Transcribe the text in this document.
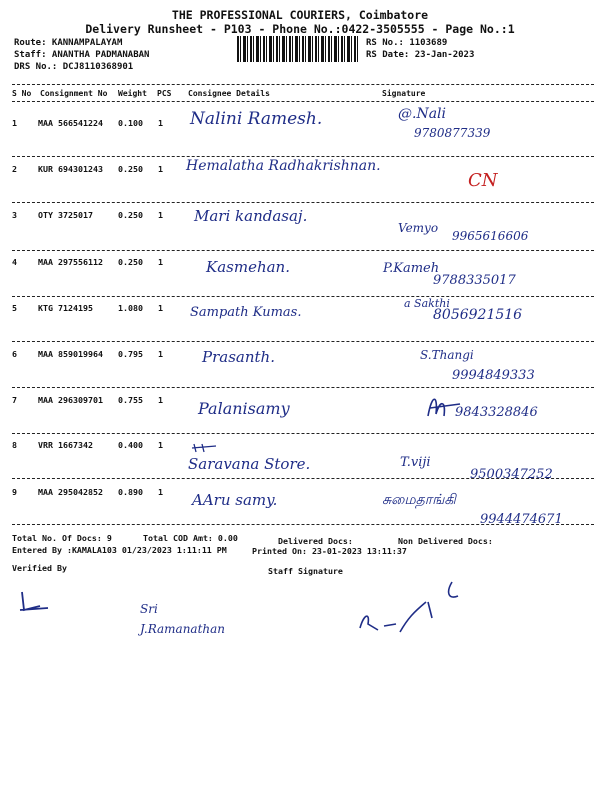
THE PROFESSIONAL COURIERS, Coimbatore
Delivery Runsheet - P103 - Phone No.:0422-3505555 - Page No.:1
Route: KANNAMPALAYAM
Staff: ANANTHA PADMANABAN
DRS No.: DCJ8110368901
RS No.: 1103689
RS Date: 23-Jan-2023
S No Consignment No Weight PCS Consignee Details	Signature
1	MAA 566541224 0.100 1 Nalini Ramesh.	@.Nali
9780877339
2	KUR 694301243 0.250 1 Hemalatha Radhakrishnan.
CN
3	OTY 3725017	0.250 1 Mari kandasaj.
Vemyo
9965616606
4	MAA 297556112 0.250 1	Kasmehan.	P.Kameh
9788335017
5	KTG 7124195	1.080 1 Sampath Kumas.
a Sakthi
8056921516
6	MAA 859019964 0.795 1	Prasanth.	S.Thangi
9994849333
7	MAA 296309701 0.755 1 Palanisamy	9843328846
8	VRR 1667342	0.400 1
Saravana Store.	T.viji
9500347252
9	MAA 295042852 0.890 1 AAru samy.	சுமைதாங்கி
9944474671
Total No. Of Docs: 9	Total COD Amt: 0.00	Delivered Docs:	Non Delivered Docs:
Entered By :KAMALA103 01/23/2023 1:11:11 PM	Printed On: 23-01-2023 13:11:37
Verified By	Staff Signature
Sri
J.Ramanathan
